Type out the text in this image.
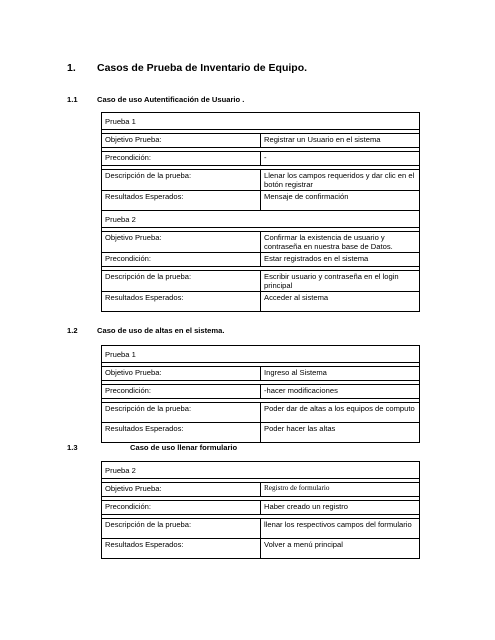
1. Casos de Prueba de Inventario de Equipo.
1.1	Caso de uso Autentificación de Usuario .
Prueba 1	

Objetivo Prueba:	Registrar un Usuario en el sistema

Precondición:	-

Descripción de la prueba:	Llenar los campos requeridos y dar clic en el botón registrar
Resultados Esperados:	Mensaje de confirmación
Prueba 2	

Objetivo Prueba:	Confirmar la existencia de usuario y contraseña en nuestra base de Datos.
Precondición:	Estar registrados en el sistema

Descripción de la prueba:	Escribir usuario y contraseña en el login principal
Resultados Esperados:	Acceder al sistema
1.2	Caso de uso de altas en el sistema.
Prueba 1	

Objetivo Prueba:	Ingreso al Sistema

Precondición:	-hacer modificaciones

Descripción de la prueba:	Poder dar de altas a los equipos de computo
Resultados Esperados:	Poder hacer las altas
1.3	Caso de uso llenar formulario
Prueba 2	

Objetivo Prueba:	Registro de formulario

Precondición:	Haber creado un registro

Descripción de la prueba:	llenar los respectivos campos del formulario
Resultados Esperados:	Volver a menú principal
